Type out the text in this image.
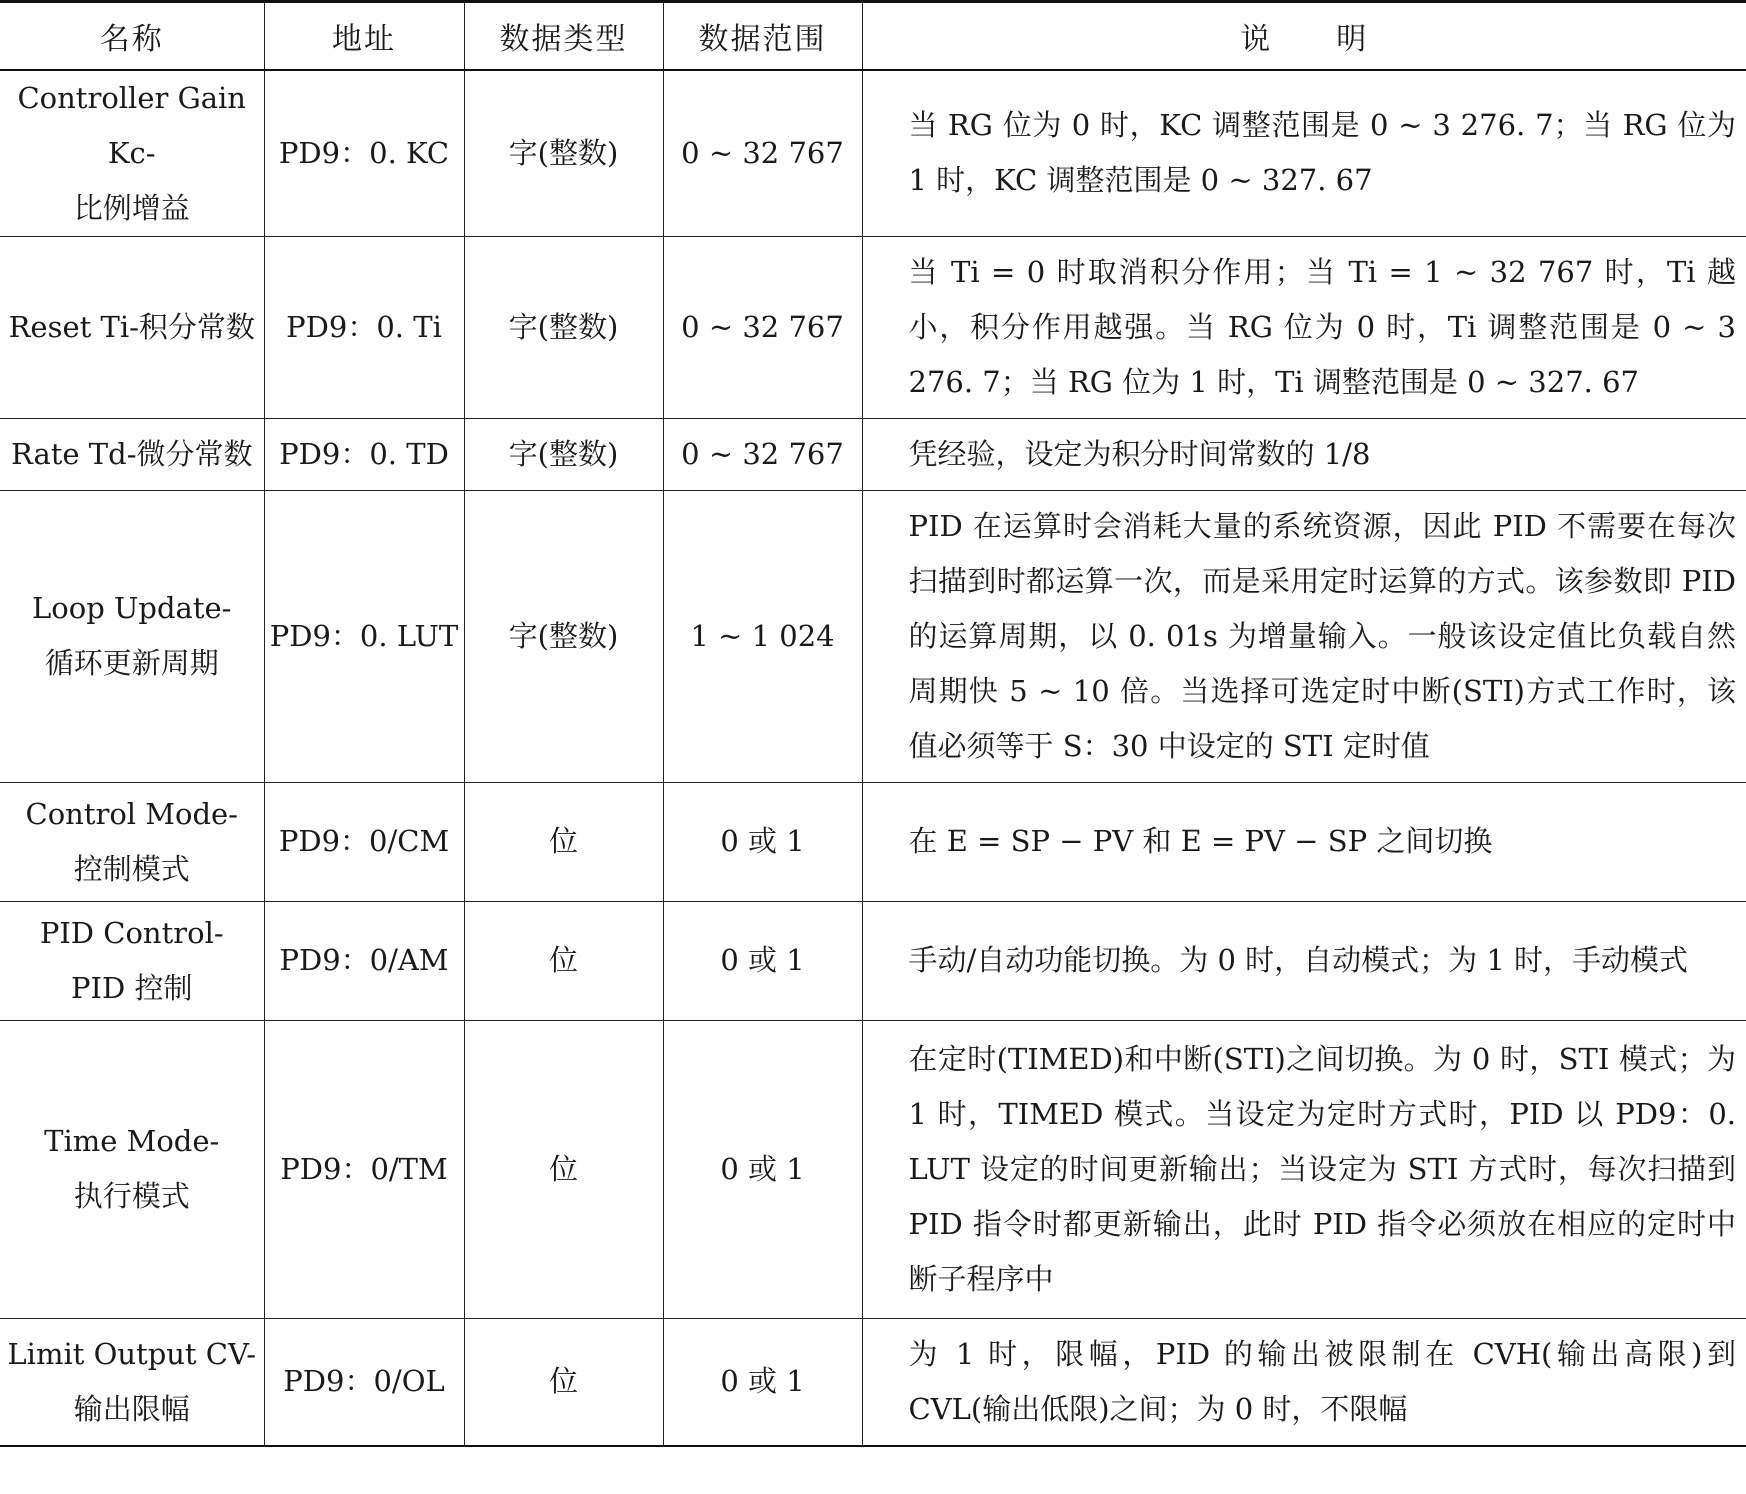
名称	地址	数据类型	数据范围	说　　明

Controller Gain Kc-
比例增益	PD9：0. KC	字(整数)	0 ~ 32 767	当 RG 位为 0 时，KC 调整范围是 0 ~ 3 276. 7；当 RG 位为 1 时，KC 调整范围是 0 ~ 327. 67

Reset Ti-积分常数	PD9：0. Ti	字(整数)	0 ~ 32 767	当 Ti = 0 时取消积分作用；当 Ti = 1 ~ 32 767 时，Ti 越小，积分作用越强。当 RG 位为 0 时，Ti 调整范围是 0 ~ 3 276. 7；当 RG 位为 1 时，Ti 调整范围是 0 ~ 327. 67

Rate Td-微分常数	PD9：0. TD	字(整数)	0 ~ 32 767	凭经验，设定为积分时间常数的 1/8

Loop Update-
循环更新周期	PD9：0. LUT	字(整数)	1 ~ 1 024	PID 在运算时会消耗大量的系统资源，因此 PID 不需要在每次扫描到时都运算一次，而是采用定时运算的方式。该参数即 PID 的运算周期，以 0. 01s 为增量输入。一般该设定值比负载自然周期快 5 ~ 10 倍。当选择可选定时中断(STI)方式工作时，该值必须等于 S：30 中设定的 STI 定时值

Control Mode-
控制模式	PD9：0/CM	位	0 或 1	在 E = SP − PV 和 E = PV − SP 之间切换

PID Control-
PID 控制	PD9：0/AM	位	0 或 1	手动/自动功能切换。为 0 时，自动模式；为 1 时，手动模式

Time Mode-
执行模式	PD9：0/TM	位	0 或 1	在定时(TIMED)和中断(STI)之间切换。为 0 时，STI 模式；为 1 时，TIMED 模式。当设定为定时方式时，PID 以 PD9：0. LUT 设定的时间更新输出；当设定为 STI 方式时，每次扫描到 PID 指令时都更新输出，此时 PID 指令必须放在相应的定时中断子程序中

Limit Output CV-
输出限幅	PD9：0/OL	位	0 或 1	为 1 时，限幅，PID 的输出被限制在 CVH(输出高限)到 CVL(输出低限)之间；为 0 时，不限幅
